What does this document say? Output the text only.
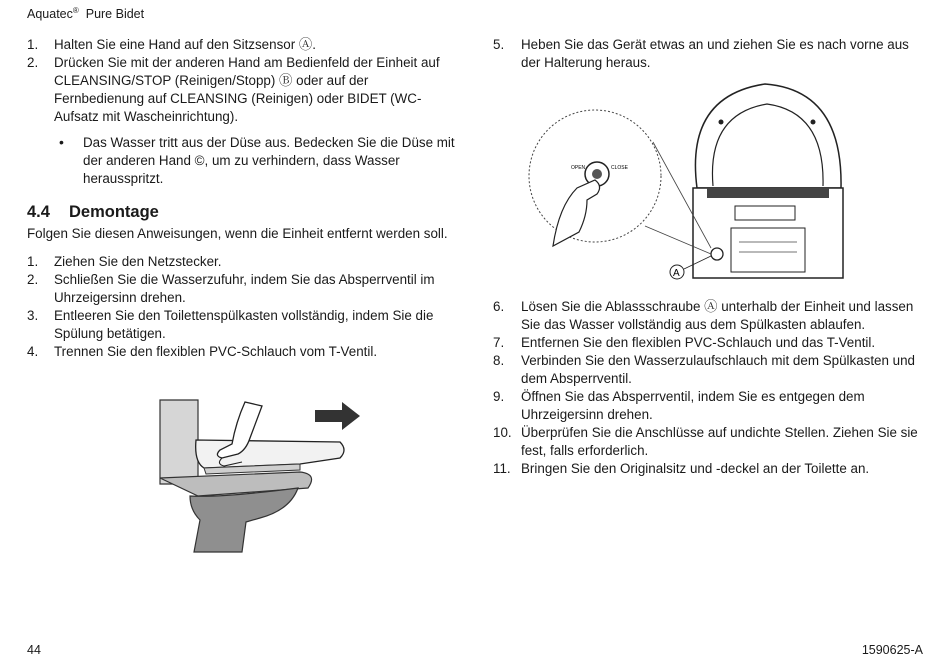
Aquatec® Pure Bidet
1.	Halten Sie eine Hand auf den Sitzsensor Ⓐ.
2.	Drücken Sie mit der anderen Hand am Bedienfeld der Einheit auf CLEANSING/STOP (Reinigen/Stopp) Ⓑ oder auf der Fernbedienung auf CLEANSING (Reinigen) oder BIDET (WC-Aufsatz mit Wascheinrichtung).
• Das Wasser tritt aus der Düse aus. Bedecken Sie die Düse mit der anderen Hand ©, um zu verhindern, dass Wasser herausspritzt.
4.4 Demontage

Folgen Sie diesen Anweisungen, wenn die Einheit entfernt werden soll.

1.	Ziehen Sie den Netzstecker.
2.	Schließen Sie die Wasserzufuhr, indem Sie das Absperrventil im Uhrzeigersinn drehen.
3.	Entleeren Sie den Toilettenspülkasten vollständig, indem Sie die Spülung betätigen.
4.	Trennen Sie den flexiblen PVC-Schlauch vom T-Ventil.
5.	Heben Sie das Gerät etwas an und ziehen Sie es nach vorne aus der Halterung heraus.
OPEN	CLOSE
A
6.	Lösen Sie die Ablassschraube Ⓐ unterhalb der Einheit und lassen Sie das Wasser vollständig aus dem Spülkasten ablaufen.
7.	Entfernen Sie den flexiblen PVC-Schlauch und das T-Ventil.
8.	Verbinden Sie den Wasserzulaufschlauch mit dem Spülkasten und dem Absperrventil.
9.	Öffnen Sie das Absperrventil, indem Sie es entgegen dem Uhrzeigersinn drehen.
10. Überprüfen Sie die Anschlüsse auf undichte Stellen. Ziehen Sie sie fest, falls erforderlich.
11. Bringen Sie den Originalsitz und -deckel an der Toilette an.
44	1590625-A
